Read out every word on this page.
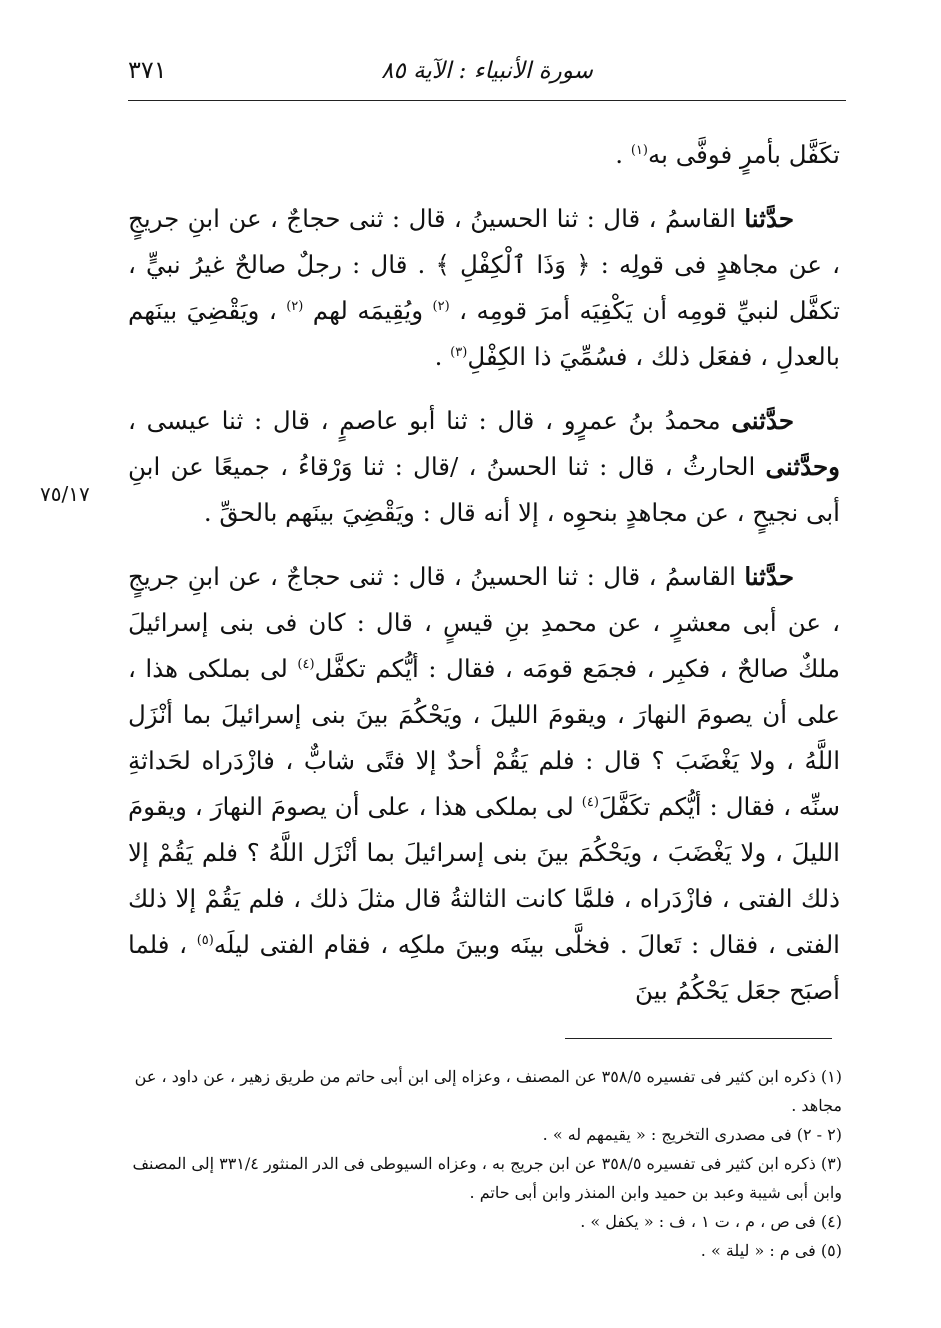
٣٧١	سورة الأنبياء : الآية ٨٥
٧٥/١٧

تكَفَّل بأمرٍ فوفَّى به$^{(١)}$ .

حدَّثنا القاسمُ ، قال : ثنا الحسينُ ، قال : ثنى حجاجٌ ، عن ابنِ جريجٍ ، عن مجاهدٍ فى قولِه : ﴿ وَذَا ٱلْكِفْلِ ﴾ . قال : رجلٌ صالحٌ غيرُ نبيٍّ ، تكفَّل لنبيِّ قومِه أن يَكْفِيَه أمرَ قومِه ، $^{(٢)}$ ويُقِيمَه لهم $^{(٢)}$ ، ويَقْضِيَ بينَهم بالعدلِ ، ففعَل ذلك ، فسُمِّيَ ذا الكِفْلِ$^{(٣)}$ .

حدَّثنى محمدُ بنُ عمرٍو ، قال : ثنا أبو عاصمٍ ، قال : ثنا عيسى ، وحدَّثنى الحارثُ ، قال : ثنا الحسنُ ، /قال : ثنا وَرْقاءُ ، جميعًا عن ابنِ أبى نجيحٍ ، عن مجاهدٍ بنحوِه ، إلا أنه قال : ويَقْضِيَ بينَهم بالحقِّ .

حدَّثنا القاسمُ ، قال : ثنا الحسينُ ، قال : ثنى حجاجٌ ، عن ابنِ جريجٍ ، عن أبى معشرٍ ، عن محمدِ بنِ قيسٍ ، قال : كان فى بنى إسرائيلَ ملكٌ صالحٌ ، فكبِر ، فجمَع قومَه ، فقال : أيُّكم تكفَّل$^{(٤)}$ لى بملكى هذا ، على أن يصومَ النهارَ ، ويقومَ الليلَ ، ويَحْكُمَ بينَ بنى إسرائيلَ بما أنْزَل اللَّهُ ، ولا يَغْضَبَ ؟ قال : فلم يَقُمْ أحدٌ إلا فتًى شابٌّ ، فازْدَراه لحَداثةِ سنِّه ، فقال : أيُّكم تكَفَّلَ$^{(٤)}$ لى بملكى هذا ، على أن يصومَ النهارَ ، ويقومَ الليلَ ، ولا يَغْضَبَ ، ويَحْكُمَ بينَ بنى إسرائيلَ بما أنْزَل اللَّهُ ؟ فلم يَقُمْ إلا ذلك الفتى ، فازْدَراه ، فلمَّا كانت الثالثةُ قال مثلَ ذلك ، فلم يَقُمْ إلا ذلك الفتى ، فقال : تَعالَ . فخلَّى بينَه وبينَ ملكِه ، فقام الفتى ليلَه$^{(٥)}$ ، فلما أصبَح جعَل يَحْكُمُ بينَ

(١) ذكره ابن كثير فى تفسيره ٣٥٨/٥ عن المصنف ، وعزاه إلى ابن أبى حاتم من طريق زهير ، عن داود ، عن مجاهد .
(٢ - ٢) فى مصدرى التخريج : « يقيمهم له » .
(٣) ذكره ابن كثير فى تفسيره ٣٥٨/٥ عن ابن جريج به ، وعزاه السيوطى فى الدر المنثور ٣٣١/٤ إلى المصنف وابن أبى شيبة وعبد بن حميد وابن المنذر وابن أبى حاتم .
(٤) فى ص ، م ، ت ١ ، ف : « يكفل » .
(٥) فى م : « ليلة » .
